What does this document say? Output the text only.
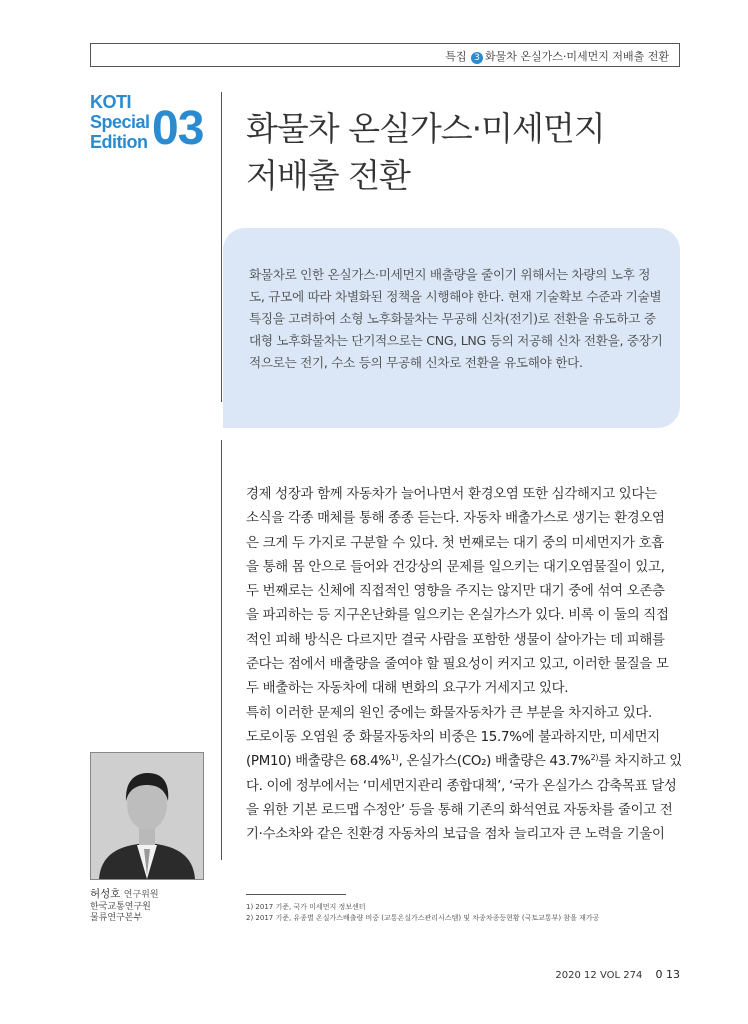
특집 3 화물차 온실가스·미세먼지 저배출 전환
KOTI
Special
Edition 03 화물차 온실가스·미세먼지
저배출 전환
화물차로 인한 온실가스·미세먼지 배출량을 줄이기 위해서는 차량의 노후 정
도, 규모에 따라 차별화된 정책을 시행해야 한다. 현재 기술확보 수준과 기술별
특징을 고려하여 소형 노후화물차는 무공해 신차(전기)로 전환을 유도하고 중
대형 노후화물차는 단기적으로는 CNG, LNG 등의 저공해 신차 전환을, 중장기
적으로는 전기, 수소 등의 무공해 신차로 전환을 유도해야 한다.
경제 성장과 함께 자동차가 늘어나면서 환경오염 또한 심각해지고 있다는
소식을 각종 매체를 통해 종종 듣는다. 자동차 배출가스로 생기는 환경오염
은 크게 두 가지로 구분할 수 있다. 첫 번째로는 대기 중의 미세먼지가 호흡
을 통해 몸 안으로 들어와 건강상의 문제를 일으키는 대기오염물질이 있고,
두 번째로는 신체에 직접적인 영향을 주지는 않지만 대기 중에 섞여 오존층
을 파괴하는 등 지구온난화를 일으키는 온실가스가 있다. 비록 이 둘의 직접
적인 피해 방식은 다르지만 결국 사람을 포함한 생물이 살아가는 데 피해를
준다는 점에서 배출량을 줄여야 할 필요성이 커지고 있고, 이러한 물질을 모
두 배출하는 자동차에 대해 변화의 요구가 거세지고 있다.
특히 이러한 문제의 원인 중에는 화물자동차가 큰 부분을 차지하고 있다.
도로이동 오염원 중 화물자동차의 비중은 15.7%에 불과하지만, 미세먼지
(PM10) 배출량은 68.4%$^{1)}$, 온실가스(CO₂) 배출량은 43.7%$^{2)}$를 차지하고 있
다. 이에 정부에서는 ‘미세먼지관리 종합대책’, ‘국가 온실가스 감축목표 달성
을 위한 기본 로드맵 수정안’ 등을 통해 기존의 화석연료 자동차를 줄이고 전
기·수소차와 같은 친환경 자동차의 보급을 점차 늘리고자 큰 노력을 기울이
허성호 연구위원
한국교통연구원
물류연구본부
1) 2017 기준, 국가 미세먼지 정보센터
2) 2017 기준, 유종별 온실가스배출량 비중 (교통온실가스관리시스템) 및 차종차종등현황 (국토교통부) 참을 재가공
2020 12 VOL 274 0 13
